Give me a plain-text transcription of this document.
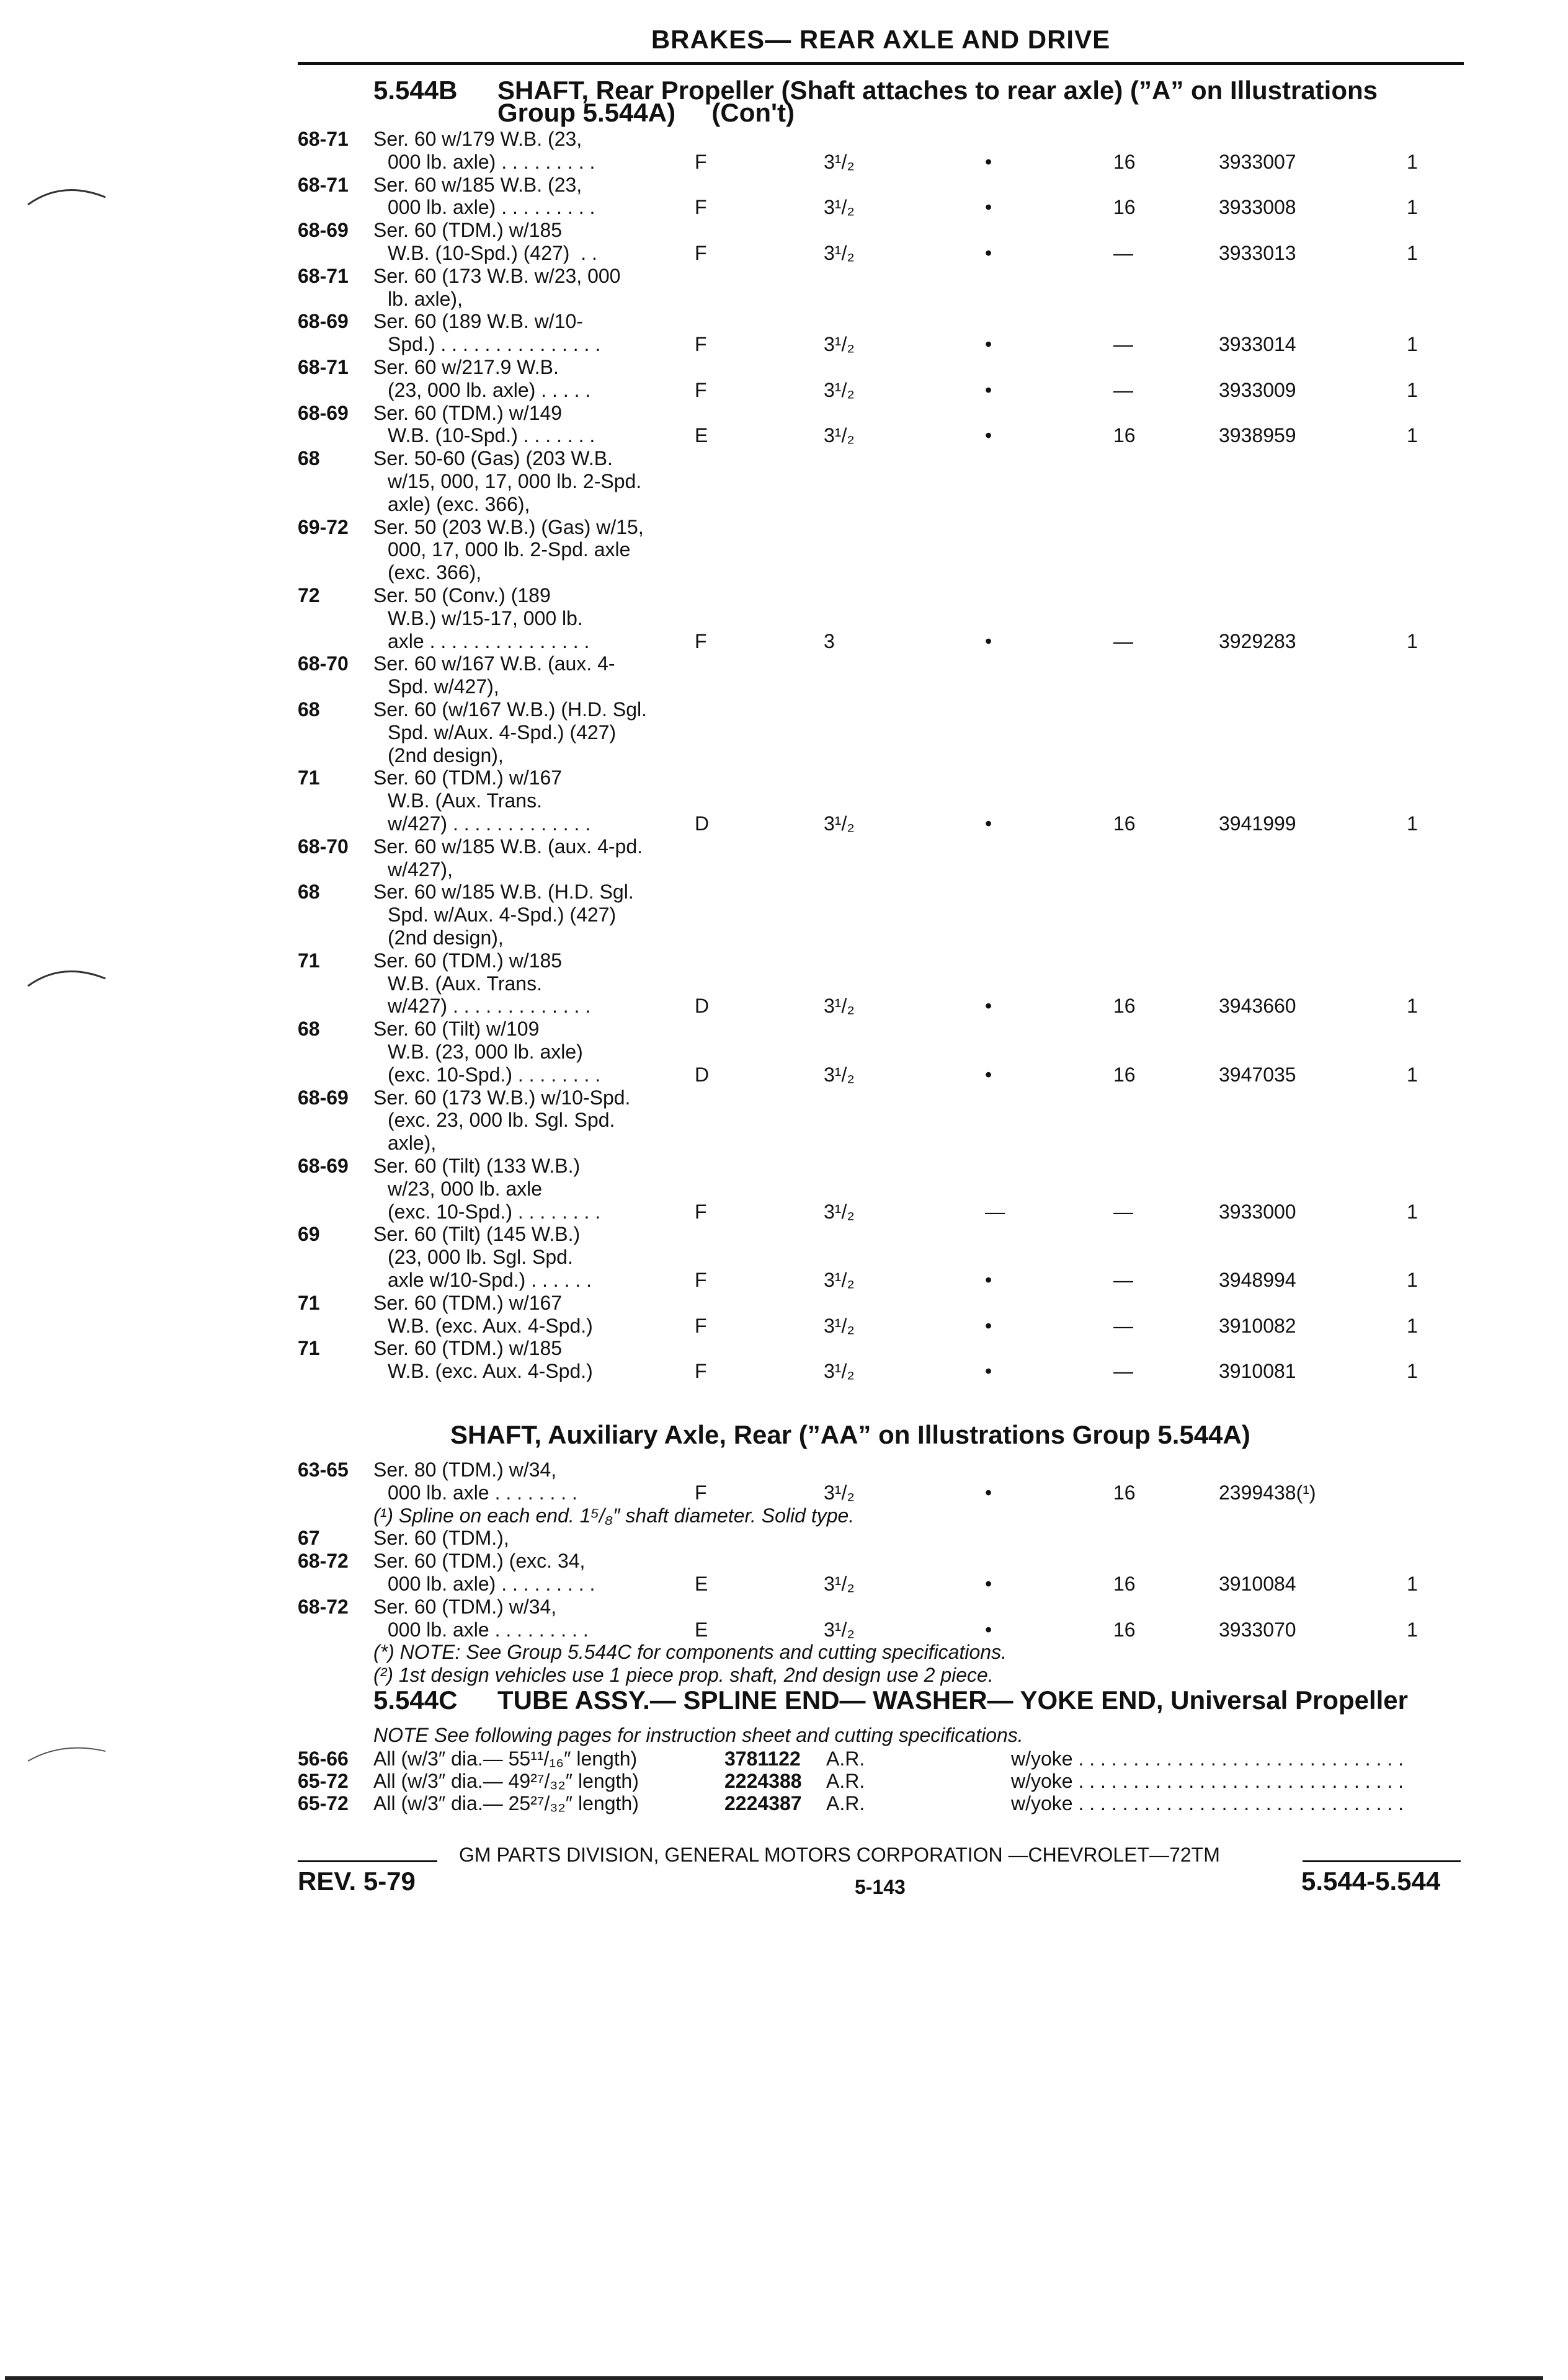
BRAKES— REAR AXLE AND DRIVE
5.544B SHAFT, Rear Propeller (Shaft attaches to rear axle) (”A” on Illustrations
Group 5.544A)     (Con't)
68-71 Ser. 60 w/179 W.B. (23,
000 lb. axle) . . . . . . . . .	F	3¹/₂	•	16	3933007	1
68-71 Ser. 60 w/185 W.B. (23,
000 lb. axle) . . . . . . . . .	F	3¹/₂	•	16	3933008	1
68-69 Ser. 60 (TDM.) w/185
W.B. (10-Spd.) (427)  . .	F	3¹/₂	•	—	3933013	1
68-71 Ser. 60 (173 W.B. w/23, 000
lb. axle),
68-69 Ser. 60 (189 W.B. w/10-
Spd.) . . . . . . . . . . . . . . .	F	3¹/₂	•	—	3933014	1
68-71 Ser. 60 w/217.9 W.B.
(23, 000 lb. axle) . . . . .	F	3¹/₂	•	—	3933009	1
68-69 Ser. 60 (TDM.) w/149
W.B. (10-Spd.) . . . . . . .	E	3¹/₂	•	16	3938959	1
68	Ser. 50-60 (Gas) (203 W.B.
w/15, 000, 17, 000 lb. 2-Spd.
axle) (exc. 366),
69-72 Ser. 50 (203 W.B.) (Gas) w/15,
000, 17, 000 lb. 2-Spd. axle
(exc. 366),
72	Ser. 50 (Conv.) (189
W.B.) w/15-17, 000 lb.
axle . . . . . . . . . . . . . . .	F	3	•	—	3929283	1
68-70 Ser. 60 w/167 W.B. (aux. 4-
Spd. w/427),
68	Ser. 60 (w/167 W.B.) (H.D. Sgl.
Spd. w/Aux. 4-Spd.) (427)
(2nd design),
71	Ser. 60 (TDM.) w/167
W.B. (Aux. Trans.
w/427) . . . . . . . . . . . . .	D	3¹/₂	•	16	3941999	1
68-70 Ser. 60 w/185 W.B. (aux. 4-pd.
w/427),
68	Ser. 60 w/185 W.B. (H.D. Sgl.
Spd. w/Aux. 4-Spd.) (427)
(2nd design),
71	Ser. 60 (TDM.) w/185
W.B. (Aux. Trans.
w/427) . . . . . . . . . . . . .	D	3¹/₂	•	16	3943660	1
68	Ser. 60 (Tilt) w/109
W.B. (23, 000 lb. axle)
(exc. 10-Spd.) . . . . . . . .	D	3¹/₂	•	16	3947035	1
68-69 Ser. 60 (173 W.B.) w/10-Spd.
(exc. 23, 000 lb. Sgl. Spd.
axle),
68-69 Ser. 60 (Tilt) (133 W.B.)
w/23, 000 lb. axle
(exc. 10-Spd.) . . . . . . . .	F	3¹/₂	—	—	3933000	1
69	Ser. 60 (Tilt) (145 W.B.)
(23, 000 lb. Sgl. Spd.
axle w/10-Spd.) . . . . . .	F	3¹/₂	•	—	3948994	1
71	Ser. 60 (TDM.) w/167
W.B. (exc. Aux. 4-Spd.)	F	3¹/₂	•	—	3910082	1
71	Ser. 60 (TDM.) w/185
W.B. (exc. Aux. 4-Spd.)	F	3¹/₂	•	—	3910081	1
SHAFT, Auxiliary Axle, Rear (”AA” on Illustrations Group 5.544A)
63-65 Ser. 80 (TDM.) w/34,
000 lb. axle . . . . . . . .	F	3¹/₂	•	16	2399438(¹)
(¹) Spline on each end. 1⁵/₈″ shaft diameter. Solid type.
67	Ser. 60 (TDM.),
68-72 Ser. 60 (TDM.) (exc. 34,
000 lb. axle) . . . . . . . . .	E	3¹/₂	•	16	3910084	1
68-72 Ser. 60 (TDM.) w/34,
000 lb. axle . . . . . . . . .	E	3¹/₂	•	16	3933070	1
(*) NOTE: See Group 5.544C for components and cutting specifications.
(²) 1st design vehicles use 1 piece prop. shaft, 2nd design use 2 piece.
5.544C TUBE ASSY.— SPLINE END— WASHER— YOKE END, Universal Propeller
NOTE See following pages for instruction sheet and cutting specifications.
56-66 All (w/3″ dia.— 55¹¹/₁₆″ length)	3781122 A.R.	w/yoke . . . . . . . . . . . . . . . . . . . . . . . . . . . . . .
65-72 All (w/3″ dia.— 49²⁷/₃₂″ length)	2224388 A.R.	w/yoke . . . . . . . . . . . . . . . . . . . . . . . . . . . . . .
65-72 All (w/3″ dia.— 25²⁷/₃₂″ length)	2224387 A.R.	w/yoke . . . . . . . . . . . . . . . . . . . . . . . . . . . . . .
GM PARTS DIVISION, GENERAL MOTORS CORPORATION —CHEVROLET—72TM
REV. 5-79	5-143	5.544-5.544
